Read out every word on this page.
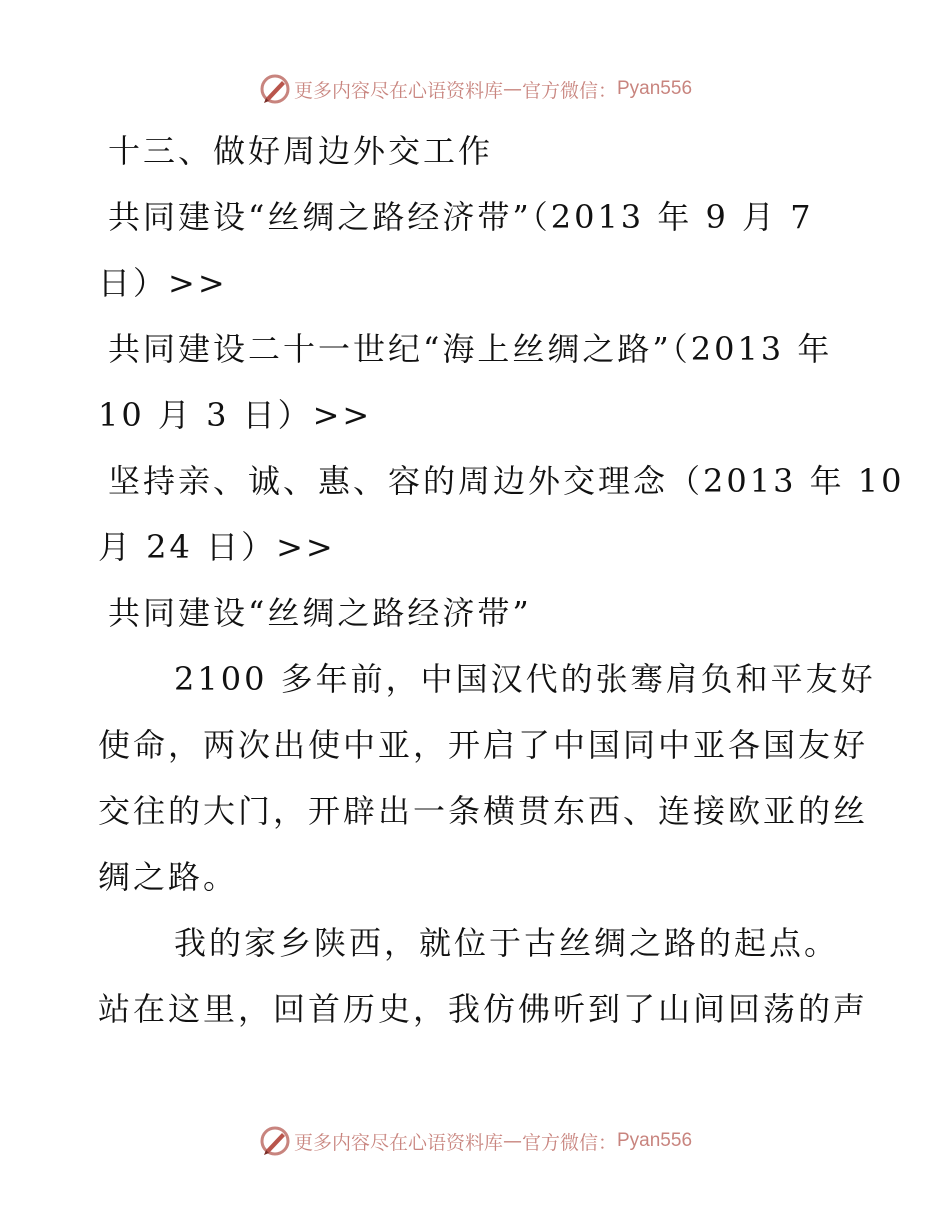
更多内容尽在心语资料库 — 官方微信： Pyan556
十三、做好周边外交工作
共同建设“丝绸之路经济带”（2013 年 9 月 7
日）>>
共同建设二十一世纪“海上丝绸之路”（2013 年
10 月 3 日）>>
坚持亲、诚、惠、容的周边外交理念（2013 年 10
月 24 日）>>
共同建设“丝绸之路经济带”
2100 多年前，中国汉代的张骞肩负和平友好
使命，两次出使中亚，开启了中国同中亚各国友好
交往的大门，开辟出一条横贯东西、连接欧亚的丝
绸之路。
我的家乡陕西，就位于古丝绸之路的起点。
站在这里，回首历史，我仿佛听到了山间回荡的声
更多内容尽在心语资料库 — 官方微信： Pyan556
